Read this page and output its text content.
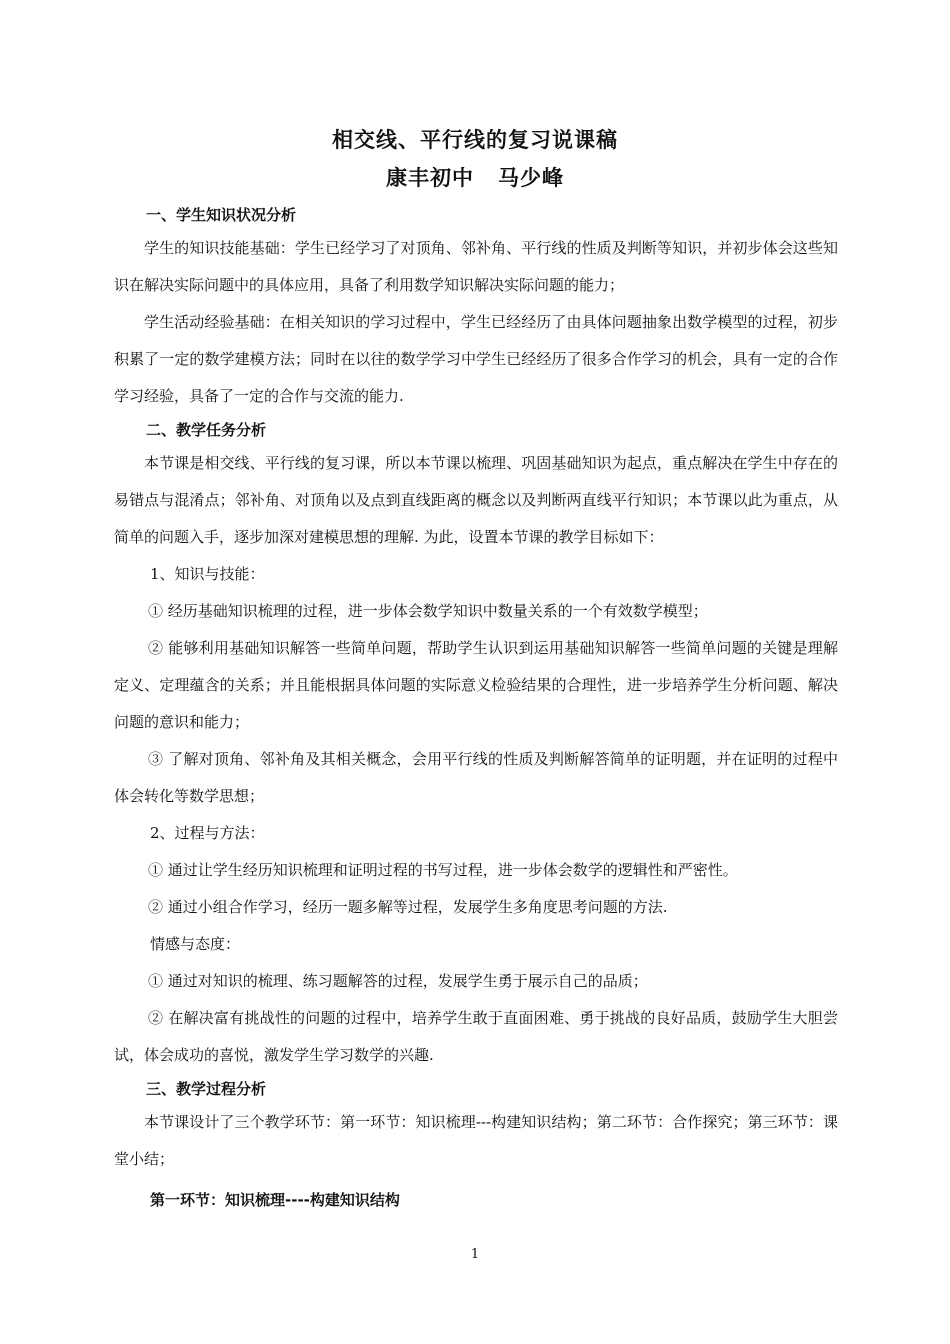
相交线、平行线的复习说课稿
康丰初中 马少峰

一、学生知识状况分析

学生的知识技能基础：学生已经学习了对顶角、邻补角、平行线的性质及判断等知识，并初步体会这些知识在解决实际问题中的具体应用，具备了利用数学知识解决实际问题的能力；

学生活动经验基础：在相关知识的学习过程中，学生已经经历了由具体问题抽象出数学模型的过程，初步积累了一定的数学建模方法；同时在以往的数学学习中学生已经经历了很多合作学习的机会，具有一定的合作学习经验，具备了一定的合作与交流的能力.

二、教学任务分析

本节课是相交线、平行线的复习课，所以本节课以梳理、巩固基础知识为起点，重点解决在学生中存在的易错点与混淆点；邻补角、对顶角以及点到直线距离的概念以及判断两直线平行知识；本节课以此为重点，从简单的问题入手，逐步加深对建模思想的理解. 为此，设置本节课的教学目标如下：

1、知识与技能：

① 经历基础知识梳理的过程，进一步体会数学知识中数量关系的一个有效数学模型；

② 能够利用基础知识解答一些简单问题，帮助学生认识到运用基础知识解答一些简单问题的关键是理解定义、定理蕴含的关系；并且能根据具体问题的实际意义检验结果的合理性，进一步培养学生分析问题、解决问题的意识和能力；

③ 了解对顶角、邻补角及其相关概念，会用平行线的性质及判断解答简单的证明题，并在证明的过程中体会转化等数学思想；

2、过程与方法：

① 通过让学生经历知识梳理和证明过程的书写过程，进一步体会数学的逻辑性和严密性。

② 通过小组合作学习，经历一题多解等过程，发展学生多角度思考问题的方法.

情感与态度：

① 通过对知识的梳理、练习题解答的过程，发展学生勇于展示自己的品质；

② 在解决富有挑战性的问题的过程中，培养学生敢于直面困难、勇于挑战的良好品质，鼓励学生大胆尝试，体会成功的喜悦，激发学生学习数学的兴趣.

三、教学过程分析

本节课设计了三个教学环节：第一环节：知识梳理---构建知识结构；第二环节：合作探究；第三环节：课堂小结；

第一环节：知识梳理----构建知识结构

1
